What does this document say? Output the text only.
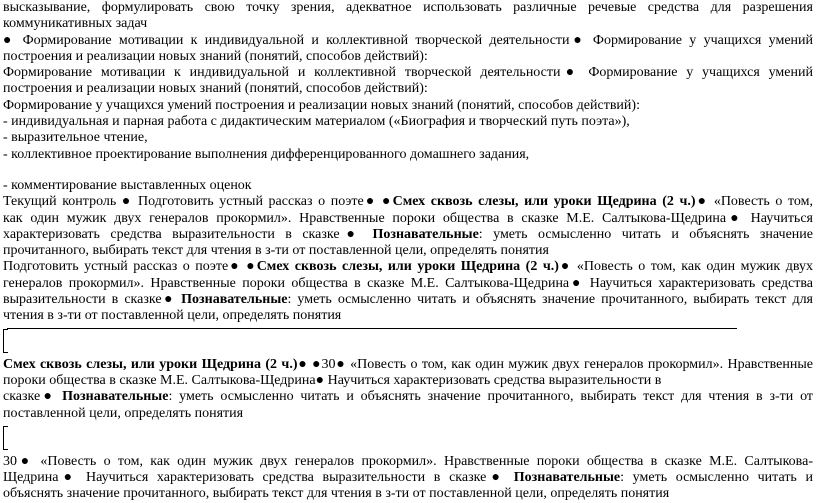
высказывание, формулировать свою точку зрения, адекватное использовать различные речевые средства для разрешения

коммуникативных задач

● Формирование мотивации к индивидуальной и коллективной творческой деятельности● Формирование у учащихся умений

построения и реализации новых знаний (понятий, способов действий):

Формирование мотивации к индивидуальной и коллективной творческой деятельности● Формирование у учащихся умений

построения и реализации новых знаний (понятий, способов действий):

Формирование у учащихся умений построения и реализации новых знаний (понятий, способов действий):

- индивидуальная и парная работа с дидактическим материалом («Биография и творческий путь поэта»),

- выразительное чтение,

- коллективное проектирование выполнения дифференцированного домашнего задания,

- комментирование выставленных оценок

Текущий контроль ● Подготовить устный рассказ о поэте● ●Смех сквозь слезы, или уроки Щедрина (2 ч.)● «Повесть о том,

как один мужик двух генералов прокормил». Нравственные пороки общества в сказке М.Е. Салтыкова-Щедрина● Научиться

характеризовать средства выразительности в сказке● Познавательные: уметь осмысленно читать и объяснять значение

прочитанного, выбирать текст для чтения в з-ти от поставленной цели, определять понятия

Подготовить устный рассказ о поэте● ●Смех сквозь слезы, или уроки Щедрина (2 ч.)● «Повесть о том, как один мужик двух

генералов прокормил». Нравственные пороки общества в сказке М.Е. Салтыкова-Щедрина● Научиться характеризовать средства

выразительности в сказке● Познавательные: уметь осмысленно читать и объяснять значение прочитанного, выбирать текст для

чтения в з-ти от поставленной цели, определять понятия

Смех сквозь слезы, или уроки Щедрина (2 ч.)● ●30● «Повесть о том, как один мужик двух генералов прокормил». Нравственные

пороки общества в сказке М.Е. Салтыкова-Щедрина● Научиться характеризовать средства выразительности в

сказке● Познавательные: уметь осмысленно читать и объяснять значение прочитанного, выбирать текст для чтения в з-ти от

поставленной цели, определять понятия

30● «Повесть о том, как один мужик двух генералов прокормил». Нравственные пороки общества в сказке М.Е. Салтыкова-

Щедрина● Научиться характеризовать средства выразительности в сказке● Познавательные: уметь осмысленно читать и

объяснять значение прочитанного, выбирать текст для чтения в з-ти от поставленной цели, определять понятия
